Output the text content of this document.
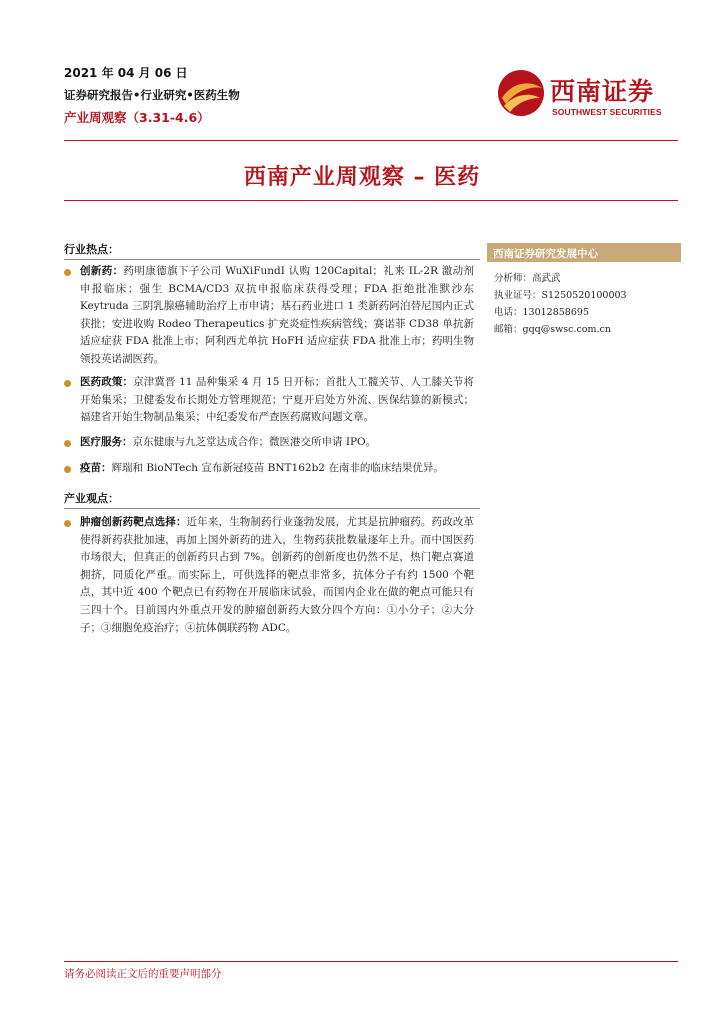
2021 年 04 月 06 日
证券研究报告•行业研究•医药生物
产业周观察（3.31-4.6）
西南证券
SOUTHWEST SECURITIES
西南产业周观察 – 医药
行业热点：
创新药：药明康德旗下子公司 WuXiFundI 认购 120Capital；礼来 IL-2R 激动剂申报临床；强生 BCMA/CD3 双抗申报临床获得受理；FDA 拒绝批准默沙东 Keytruda 三阴乳腺癌辅助治疗上市申请；基石药业进口 1 类新药阿泊替尼国内正式获批；安进收购 Rodeo Therapeutics 扩充炎症性疾病管线；赛诺菲 CD38 单抗新适应症获 FDA 批准上市；阿利西尤单抗 HoFH 适应症获 FDA 批准上市；药明生物领投英诺湖医药。
医药政策：京津冀晋 11 品种集采 4 月 15 日开标；首批人工髋关节、人工膝关节将开始集采；卫健委发布长期处方管理规范；宁夏开启处方外流、医保结算的新模式；福建省开始生物制品集采；中纪委发布严查医药腐败问题文章。
医疗服务：京东健康与九芝堂达成合作；微医港交所申请 IPO。
疫苗：辉瑞和 BioNTech 宣布新冠疫苗 BNT162b2 在南非的临床结果优异。
产业观点：
肿瘤创新药靶点选择：近年来，生物制药行业蓬勃发展，尤其是抗肿瘤药。药政改革使得新药获批加速，再加上国外新药的进入，生物药获批数量逐年上升。而中国医药市场很大，但真正的创新药只占到 7%。创新药的创新度也仍然不足，热门靶点赛道拥挤，同质化严重。而实际上，可供选择的靶点非常多，抗体分子有约 1500 个靶点，其中近 400 个靶点已有药物在开展临床试验，而国内企业在做的靶点可能只有三四十个。目前国内外重点开发的肿瘤创新药大致分四个方向：①小分子；②大分子；③细胞免疫治疗；④抗体偶联药物 ADC。
西南证券研究发展中心
分析师：高武武
执业证号：S1250520100003
电话：13012858695
邮箱：gqq@swsc.com.cn
请务必阅读正文后的重要声明部分
